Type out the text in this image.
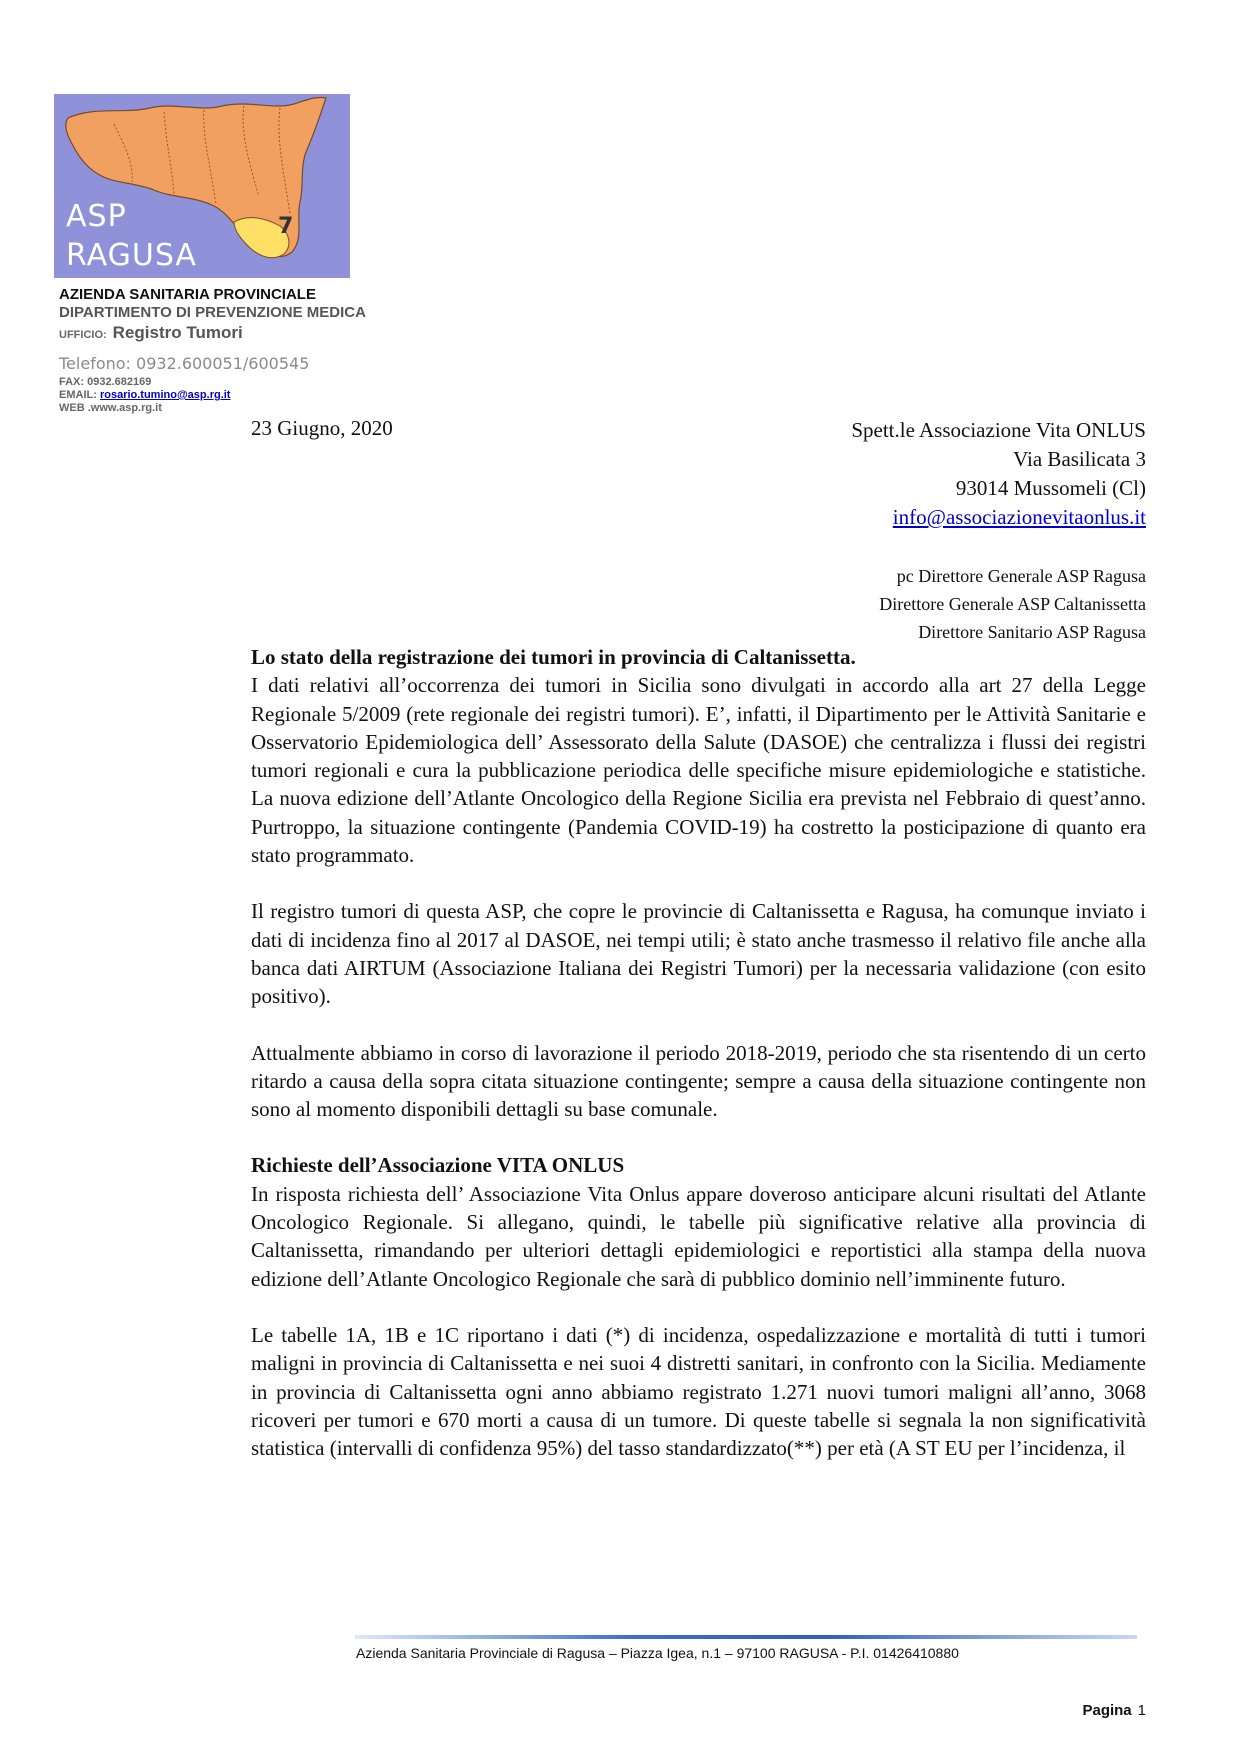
ASP
RAGUSA
7
AZIENDA SANITARIA PROVINCIALE
DIPARTIMENTO DI PREVENZIONE MEDICA
UFFICIO: Registro Tumori
Telefono: 0932.600051/600545
FAX: 0932.682169
EMAIL: rosario.tumino@asp.rg.it
WEB .www.asp.rg.it
23 Giugno, 2020	Spett.le Associazione Vita ONLUS
Via Basilicata 3
93014 Mussomeli (Cl)
info@associazionevitaonlus.it
pc Direttore Generale ASP Ragusa
Direttore Generale ASP Caltanissetta
Direttore Sanitario ASP Ragusa
Lo stato della registrazione dei tumori in provincia di Caltanissetta.

I dati relativi all’occorrenza dei tumori in Sicilia sono divulgati in accordo alla art 27 della Legge Regionale 5/2009 (rete regionale dei registri tumori). E’, infatti, il Dipartimento per le Attività Sanitarie e Osservatorio Epidemiologica dell’ Assessorato della Salute (DASOE) che centralizza i flussi dei registri tumori regionali e cura la pubblicazione periodica delle specifiche misure epidemiologiche e statistiche. La nuova edizione dell’Atlante Oncologico della Regione Sicilia era prevista nel Febbraio di quest’anno. Purtroppo, la situazione contingente (Pandemia COVID-19) ha costretto la posticipazione di quanto era stato programmato.

Il registro tumori di questa ASP, che copre le provincie di Caltanissetta e Ragusa, ha comunque inviato i dati di incidenza fino al 2017 al DASOE, nei tempi utili; è stato anche trasmesso il relativo file anche alla banca dati AIRTUM (Associazione Italiana dei Registri Tumori) per la necessaria validazione (con esito positivo).

Attualmente abbiamo in corso di lavorazione il periodo 2018-2019, periodo che sta risentendo di un certo ritardo a causa della sopra citata situazione contingente; sempre a causa della situazione contingente non sono al momento disponibili dettagli su base comunale.

Richieste dell’Associazione VITA ONLUS

In risposta richiesta dell’ Associazione Vita Onlus appare doveroso anticipare alcuni risultati del Atlante Oncologico Regionale. Si allegano, quindi, le tabelle più significative relative alla provincia di Caltanissetta, rimandando per ulteriori dettagli epidemiologici e reportistici alla stampa della nuova edizione dell’Atlante Oncologico Regionale che sarà di pubblico dominio nell’imminente futuro.

Le tabelle 1A, 1B e 1C riportano i dati (*) di incidenza, ospedalizzazione e mortalità di tutti i tumori maligni in provincia di Caltanissetta e nei suoi 4 distretti sanitari, in confronto con la Sicilia. Mediamente in provincia di Caltanissetta ogni anno abbiamo registrato 1.271 nuovi tumori maligni all’anno, 3068 ricoveri per tumori e 670 morti a causa di un tumore. Di queste tabelle si segnala la non significatività statistica (intervalli di confidenza 95%) del tasso standardizzato(**) per età (A ST EU per l’incidenza, il

Azienda Sanitaria Provinciale di Ragusa – Piazza Igea, n.1 – 97100 RAGUSA - P.I. 01426410880
Pagina 1
